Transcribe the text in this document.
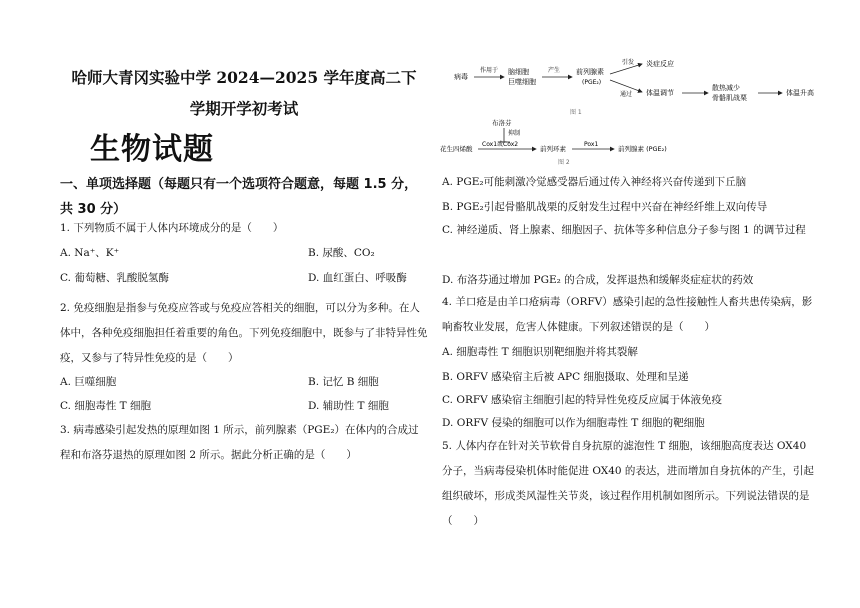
哈师大青冈实验中学 2024—2025 学年度高二下学期开学初考试
生物试题
一、单项选择题（每题只有一个选项符合题意，每题 1.5 分，共 30 分）
1. 下列物质不属于人体内环境成分的是（　　）
A. Na⁺、K⁺	B. 尿酸、CO₂
C. 葡萄糖、乳酸脱氢酶	D. 血红蛋白、呼吸酶
2. 免疫细胞是指参与免疫应答或与免疫应答相关的细胞，可以分为多种。在人体中，各种免疫细胞担任着重要的角色。下列免疫细胞中，既参与了非特异性免疫，又参与了特异性免疫的是（　　）
A. 巨噬细胞	B. 记忆 B 细胞
C. 细胞毒性 T 细胞	D. 辅助性 T 细胞
3. 病毒感染引起发热的原理如图 1 所示，前列腺素（PGE₂）在体内的合成过程和布洛芬退热的原理如图 2 所示。据此分析正确的是（　　）
病毒
作用于 脑细胞
巨噬细胞
产生 前列腺素
(PGE₂)
引发 炎症反应
通过 体温调节
散热减少
骨骼肌战栗
体温升高
图 1
布洛芬
抑制
花生四烯酸
Cox1或Cox2
前列环素
Pox1
前列腺素 (PGE₂)
图 2
A. PGE₂可能刺激冷觉感受器后通过传入神经将兴奋传递到下丘脑
B. PGE₂引起骨骼肌战栗的反射发生过程中兴奋在神经纤维上双向传导
C. 神经递质、肾上腺素、细胞因子、抗体等多种信息分子参与图 1 的调节过程
D. 布洛芬通过增加 PGE₂ 的合成，发挥退热和缓解炎症症状的药效
4. 羊口疮是由羊口疮病毒（ORFV）感染引起的急性接触性人畜共患传染病，影响畜牧业发展，危害人体健康。下列叙述错误的是（　　）
A. 细胞毒性 T 细胞识别靶细胞并将其裂解
B. ORFV 感染宿主后被 APC 细胞摄取、处理和呈递
C. ORFV 感染宿主细胞引起的特异性免疫反应属于体液免疫
D. ORFV 侵染的细胞可以作为细胞毒性 T 细胞的靶细胞
5. 人体内存在针对关节软骨自身抗原的滤泡性 T 细胞，该细胞高度表达 OX40 分子，当病毒侵染机体时能促进 OX40 的表达，进而增加自身抗体的产生，引起组织破坏，形成类风湿性关节炎，该过程作用机制如图所示。下列说法错误的是（　　）
